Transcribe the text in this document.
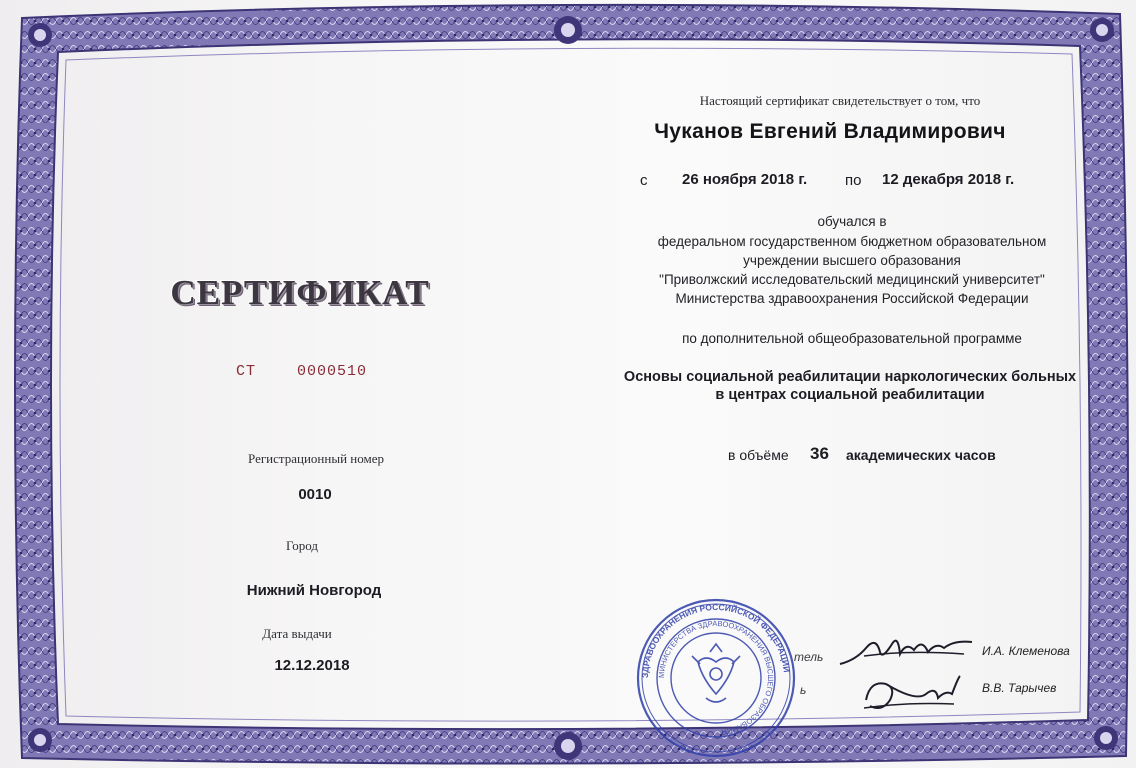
СЕРТИФИКАТ
СТ	0000510
Регистрационный номер
0010
Город
Нижний Новгород
Дата выдачи
12.12.2018
Настоящий сертификат свидетельствует о том, что
Чуканов Евгений Владимирович
с 26 ноября 2018 г.	по 12 декабря 2018 г.
обучался в
федеральном государственном бюджетном образовательном
учреждении высшего образования
"Приволжский исследовательский медицинский университет"
Министерства здравоохранения Российской Федерации
по дополнительной общеобразовательной программе
Основы социальной реабилитации наркологических больных
в центрах социальной реабилитации
в объёме 36 академических часов
тель
ь
И.А. Клеменова
В.В. Тарычев
ЗДРАВООХРАНЕНИЯ РОССИЙСКОЙ ФЕДЕРАЦИИ
МИНИСТЕРСТВА ЗДРАВООХРАНЕНИЯ ВЫСШЕГО ОБРАЗОВАНИЯ
